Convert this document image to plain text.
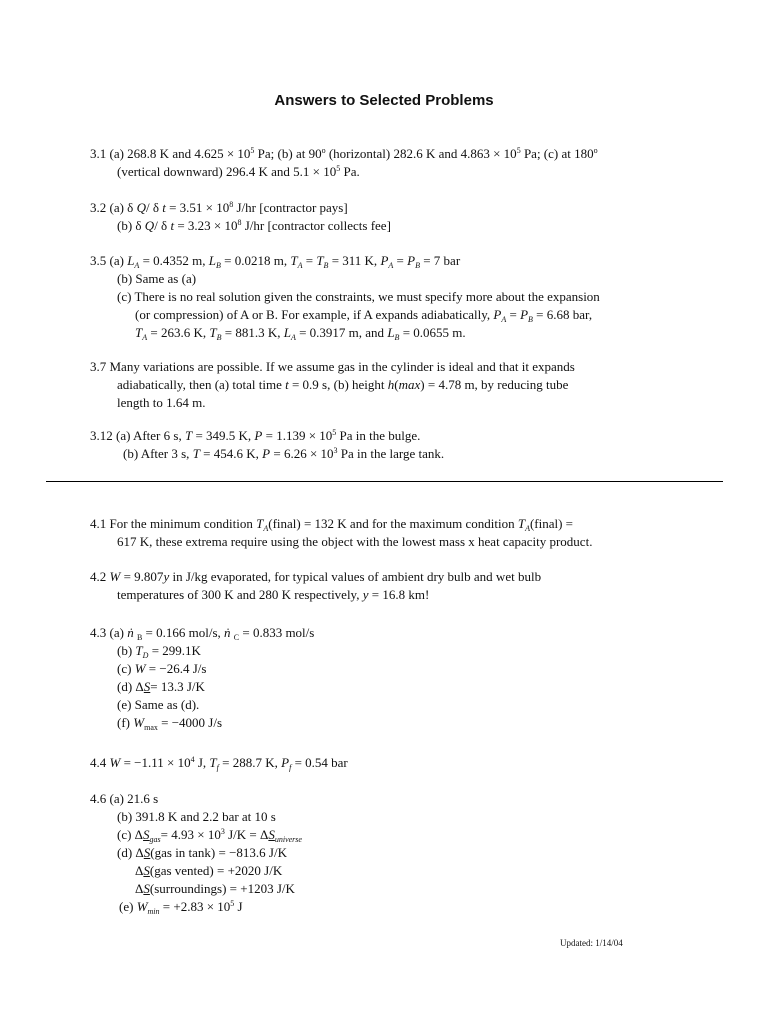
Answers to Selected Problems
3.1 (a) 268.8 K and $4.625 \times 10^5$ Pa; (b) at 90$^o$ (horizontal) 282.6 K and $4.863 \times 10^5$ Pa; (c) at 180$^o$
(vertical downward) 296.4 K and $5.1 \times 10^5$ Pa.
3.2 (a) δ Q/ δ $t = 3.51 \times 10^8$ J/hr [contractor pays]
(b) δ Q/ δ $t = 3.23 \times 10^8$ J/hr [contractor collects fee]
3.5 (a) $L_A = 0.4352$ m, $L_B = 0.0218$ m, $T_A = T_B = 311$ K, $P_A = P_B = 7$ bar
(b) Same as (a)
(c) There is no real solution given the constraints, we must specify more about the expansion
(or compression) of A or B. For example, if A expands adiabatically, $P_A = P_B = 6.68$ bar,
$T_A = 263.6$ K, $T_B = 881.3$ K, $L_A = 0.3917$ m, and $L_B = 0.0655$ m.
3.7 Many variations are possible. If we assume gas in the cylinder is ideal and that it expands
adiabatically, then (a) total time t = 0.9 s, (b) height h(max) = 4.78 m, by reducing tube
length to 1.64 m.
3.12 (a) After 6 s, T = 349.5 K, $P = 1.139 \times 10^5$ Pa in the bulge.
(b) After 3 s, T = 454.6 K, $P = 6.26 \times 10^3$ Pa in the large tank.
4.1 For the minimum condition $T_A(final) = 132$ K and for the maximum condition $T_A(final)$ =
617 K, these extrema require using the object with the lowest mass x heat capacity product.
4.2 W = 9.807y in J/kg evaporated, for typical values of ambient dry bulb and wet bulb
temperatures of 300 K and 280 K respectively, y = 16.8 km!
4.3 (a) ṅ $_B$ = 0.166 mol/s, ṅ $_C$ = 0.833 mol/s
(b) $T_D = 299.1K$
(c) W = −26.4 J/s
(d) ΔS= 13.3 J/K
(e) Same as (d).
(f) $W_{max} = -4000$ J/s
4.4 $W = -1.11 \times 10^4$ J, $T_f = 288.7$ K, $P_f = 0.54$ bar
4.6 (a) 21.6 s
(b) 391.8 K and 2.2 bar at 10 s
(c) $\Delta S_{gas}= 4.93 \times 10^3$ $J/K = \Delta S_{universe}$
(d) ΔS(gas in tank) = −813.6 J/K
ΔS(gas vented) = +2020 J/K
ΔS(surroundings) = +1203 J/K
(e) $W_{min} = +2.83 \times 10^5$ J
Updated: 1/14/04
